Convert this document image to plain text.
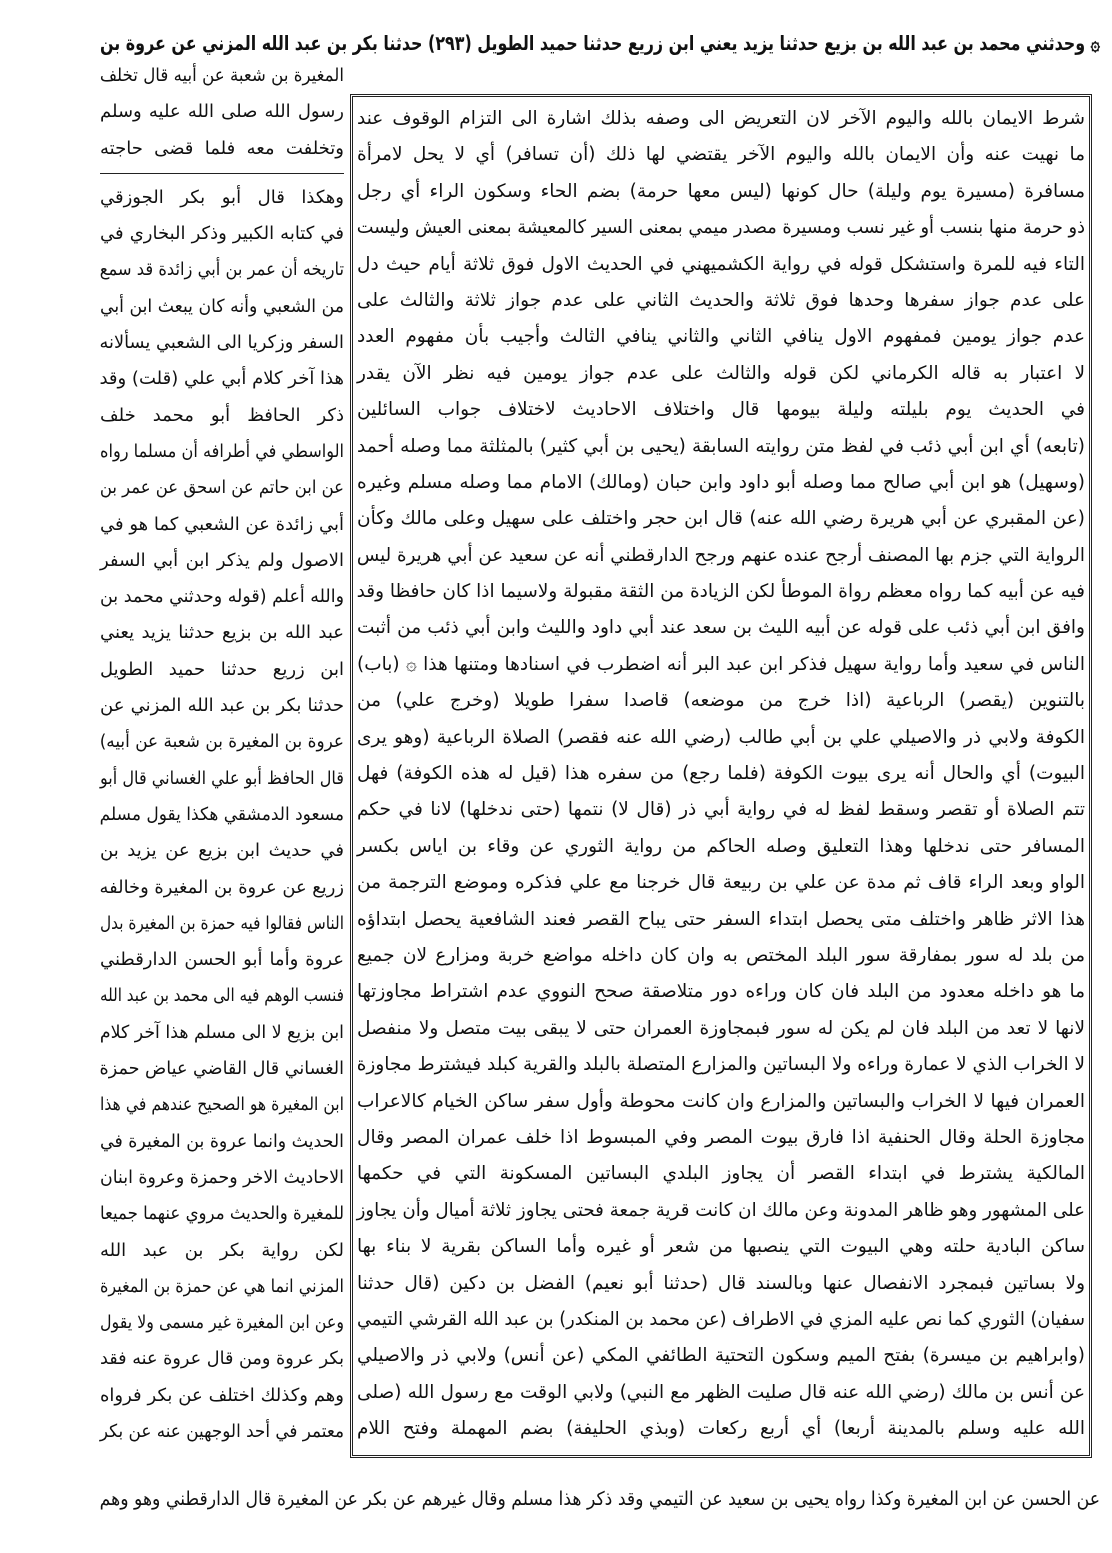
۞ وحدثني محمد بن عبد الله بن بزيع حدثنا يزيد يعني ابن زريع حدثنا حميد الطويل (٢٩٣) حدثنا بكر بن عبد الله المزني عن عروة بن
المغيرة بن شعبة عن أبيه قال تخلف
رسول الله صلى الله عليه وسلم
وتخلفت معه فلما قضى حاجته
وهكذا قال أبو بكر الجوزقي
في كتابه الكبير وذكر البخاري في
تاريخه أن عمر بن أبي زائدة قد سمع
من الشعبي وأنه كان يبعث ابن أبي
السفر وزكريا الى الشعبي يسألانه
هذا آخر كلام أبي علي (قلت) وقد
ذكر الحافظ أبو محمد خلف
الواسطي في أطرافه أن مسلما رواه
عن ابن حاتم عن اسحق عن عمر بن
أبي زائدة عن الشعبي كما هو في
الاصول ولم يذكر ابن أبي السفر
والله أعلم (قوله وحدثني محمد بن
عبد الله بن بزيع حدثنا يزيد يعني
ابن زريع حدثنا حميد الطويل
حدثنا بكر بن عبد الله المزني عن
عروة بن المغيرة بن شعبة عن أبيه)
قال الحافظ أبو علي الغساني قال أبو
مسعود الدمشقي هكذا يقول مسلم
في حديث ابن بزيع عن يزيد بن
زريع عن عروة بن المغيرة وخالفه
الناس فقالوا فيه حمزة بن المغيرة بدل
عروة وأما أبو الحسن الدارقطني
فنسب الوهم فيه الى محمد بن عبد الله
ابن بزيع لا الى مسلم هذا آخر كلام
الغساني قال القاضي عياض حمزة
ابن المغيرة هو الصحيح عندهم في هذا
الحديث وانما عروة بن المغيرة في
الاحاديث الاخر وحمزة وعروة ابنان
للمغيرة والحديث مروي عنهما جميعا
لكن رواية بكر بن عبد الله
المزني انما هي عن حمزة بن المغيرة
وعن ابن المغيرة غير مسمى ولا يقول
بكر عروة ومن قال عروة عنه فقد
وهم وكذلك اختلف عن بكر فرواه
معتمر في أحد الوجهين عنه عن بكر
شرط الايمان بالله واليوم الآخر لان التعريض الى وصفه بذلك اشارة الى التزام الوقوف عند
ما نهيت عنه وأن الايمان بالله واليوم الآخر يقتضي لها ذلك (أن تسافر) أي لا يحل لامرأة
مسافرة (مسيرة يوم وليلة) حال كونها (ليس معها حرمة) بضم الحاء وسكون الراء أي رجل
ذو حرمة منها بنسب أو غير نسب ومسيرة مصدر ميمي بمعنى السير كالمعيشة بمعنى العيش وليست
التاء فيه للمرة واستشكل قوله في رواية الكشميهني في الحديث الاول فوق ثلاثة أيام حيث دل
على عدم جواز سفرها وحدها فوق ثلاثة والحديث الثاني على عدم جواز ثلاثة والثالث على
عدم جواز يومين فمفهوم الاول ينافي الثاني والثاني ينافي الثالث وأجيب بأن مفهوم العدد
لا اعتبار به قاله الكرماني لكن قوله والثالث على عدم جواز يومين فيه نظر الآن يقدر
في الحديث يوم بليلته وليلة بيومها قال واختلاف الاحاديث لاختلاف جواب السائلين
(تابعه) أي ابن أبي ذئب في لفظ متن روايته السابقة (يحيى بن أبي كثير) بالمثلثة مما وصله أحمد
(وسهيل) هو ابن أبي صالح مما وصله أبو داود وابن حبان (ومالك) الامام مما وصله مسلم وغيره
(عن المقبري عن أبي هريرة رضي الله عنه) قال ابن حجر واختلف على سهيل وعلى مالك وكأن
الرواية التي جزم بها المصنف أرجح عنده عنهم ورجح الدارقطني أنه عن سعيد عن أبي هريرة ليس
فيه عن أبيه كما رواه معظم رواة الموطأ لكن الزيادة من الثقة مقبولة ولاسيما اذا كان حافظا وقد
وافق ابن أبي ذئب على قوله عن أبيه الليث بن سعد عند أبي داود والليث وابن أبي ذئب من أثبت
الناس في سعيد وأما رواية سهيل فذكر ابن عبد البر أنه اضطرب في اسنادها ومتنها هذا ۞ (باب)
بالتنوين (يقصر) الرباعية (اذا خرج من موضعه) قاصدا سفرا طويلا (وخرج علي) من
الكوفة ولابي ذر والاصيلي علي بن أبي طالب (رضي الله عنه فقصر) الصلاة الرباعية (وهو يرى
البيوت) أي والحال أنه يرى بيوت الكوفة (فلما رجع) من سفره هذا (قيل له هذه الكوفة) فهل
تتم الصلاة أو تقصر وسقط لفظ له في رواية أبي ذر (قال لا) نتمها (حتى ندخلها) لانا في حكم
المسافر حتى ندخلها وهذا التعليق وصله الحاكم من رواية الثوري عن وقاء بن اياس بكسر
الواو وبعد الراء قاف ثم مدة عن علي بن ربيعة قال خرجنا مع علي فذكره وموضع الترجمة من
هذا الاثر ظاهر واختلف متى يحصل ابتداء السفر حتى يباح القصر فعند الشافعية يحصل ابتداؤه
من بلد له سور بمفارقة سور البلد المختص به وان كان داخله مواضع خربة ومزارع لان جميع
ما هو داخله معدود من البلد فان كان وراءه دور متلاصقة صحح النووي عدم اشتراط مجاوزتها
لانها لا تعد من البلد فان لم يكن له سور فبمجاوزة العمران حتى لا يبقى بيت متصل ولا منفصل
لا الخراب الذي لا عمارة وراءه ولا البساتين والمزارع المتصلة بالبلد والقرية كبلد فيشترط مجاوزة
العمران فيها لا الخراب والبساتين والمزارع وان كانت محوطة وأول سفر ساكن الخيام كالاعراب
مجاوزة الحلة وقال الحنفية اذا فارق بيوت المصر وفي المبسوط اذا خلف عمران المصر وقال
المالكية يشترط في ابتداء القصر أن يجاوز البلدي البساتين المسكونة التي في حكمها
على المشهور وهو ظاهر المدونة وعن مالك ان كانت قرية جمعة فحتى يجاوز ثلاثة أميال وأن يجاوز
ساكن البادية حلته وهي البيوت التي ينصبها من شعر أو غيره وأما الساكن بقرية لا بناء بها
ولا بساتين فبمجرد الانفصال عنها وبالسند قال (حدثنا أبو نعيم) الفضل بن دكين (قال حدثنا
سفيان) الثوري كما نص عليه المزي في الاطراف (عن محمد بن المنكدر) بن عبد الله القرشي التيمي
(وابراهيم بن ميسرة) بفتح الميم وسكون التحتية الطائفي المكي (عن أنس) ولابي ذر والاصيلي
عن أنس بن مالك (رضي الله عنه قال صليت الظهر مع النبي) ولابي الوقت مع رسول الله (صلى
الله عليه وسلم بالمدينة أربعا) أي أربع ركعات (وبذي الحليفة) بضم المهملة وفتح اللام
عن الحسن عن ابن المغيرة وكذا رواه يحيى بن سعيد عن التيمي وقد ذكر هذا مسلم وقال غيرهم عن بكر عن المغيرة قال الدارقطني وهو وهم
